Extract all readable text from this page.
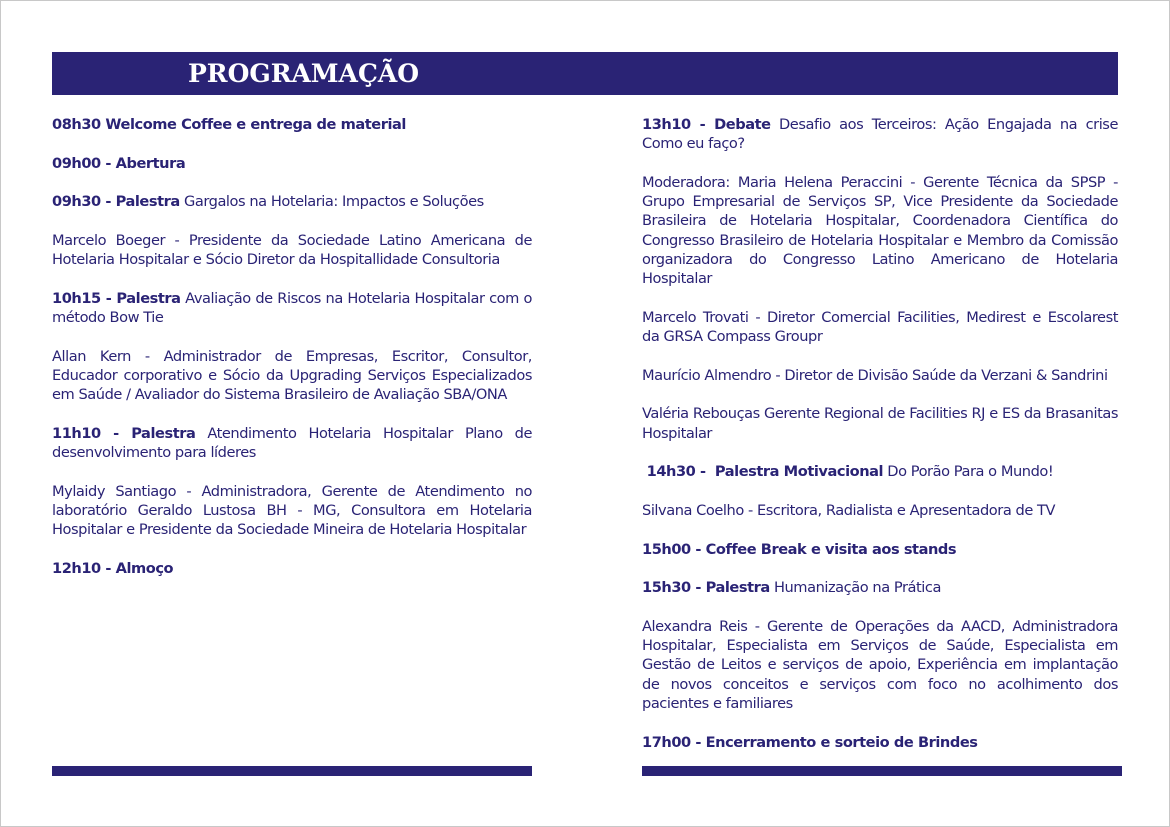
PROGRAMAÇÃO

08h30 Welcome Coffee e entrega de material

09h00 - Abertura

09h30 - Palestra Gargalos na Hotelaria: Impactos e Soluções

Marcelo Boeger - Presidente da Sociedade Latino Americana de Hotelaria Hospitalar e Sócio Diretor da Hospitallidade Consultoria

10h15 - Palestra Avaliação de Riscos na Hotelaria Hospitalar com o método Bow Tie

Allan Kern - Administrador de Empresas, Escritor, Consultor, Educador corporativo e Sócio da Upgrading Serviços Especializados em Saúde / Avaliador do Sistema Brasileiro de Avaliação SBA/ONA

11h10 - Palestra Atendimento Hotelaria Hospitalar Plano de desenvolvimento para líderes

Mylaidy Santiago - Administradora, Gerente de Atendimento no laboratório Geraldo Lustosa BH - MG, Consultora em Hotelaria Hospitalar e Presidente da Sociedade Mineira de Hotelaria Hospitalar

12h10 - Almoço

13h10 - Debate Desafio aos Terceiros: Ação Engajada na crise Como eu faço?

Moderadora: Maria Helena Peraccini - Gerente Técnica da SPSP - Grupo Empresarial de Serviços SP, Vice Presidente da Sociedade Brasileira de Hotelaria Hospitalar, Coordenadora Científica do Congresso Brasileiro de Hotelaria Hospitalar e Membro da Comissão organizadora do Congresso Latino Americano de Hotelaria Hospitalar

Marcelo Trovati - Diretor Comercial Facilities, Medirest e Escolarest da GRSA Compass Groupr

Maurício Almendro - Diretor de Divisão Saúde da Verzani & Sandrini

Valéria Rebouças Gerente Regional de Facilities RJ e ES da Brasanitas Hospitalar

14h30 -  Palestra Motivacional Do Porão Para o Mundo!

Silvana Coelho - Escritora, Radialista e Apresentadora de TV

15h00 - Coffee Break e visita aos stands

15h30 - Palestra Humanização na Prática

Alexandra Reis - Gerente de Operações da AACD, Administradora Hospitalar, Especialista em Serviços de Saúde, Especialista em Gestão de Leitos e serviços de apoio, Experiência em implantação de novos conceitos e serviços com foco no acolhimento dos pacientes e familiares

17h00 - Encerramento e sorteio de Brindes
